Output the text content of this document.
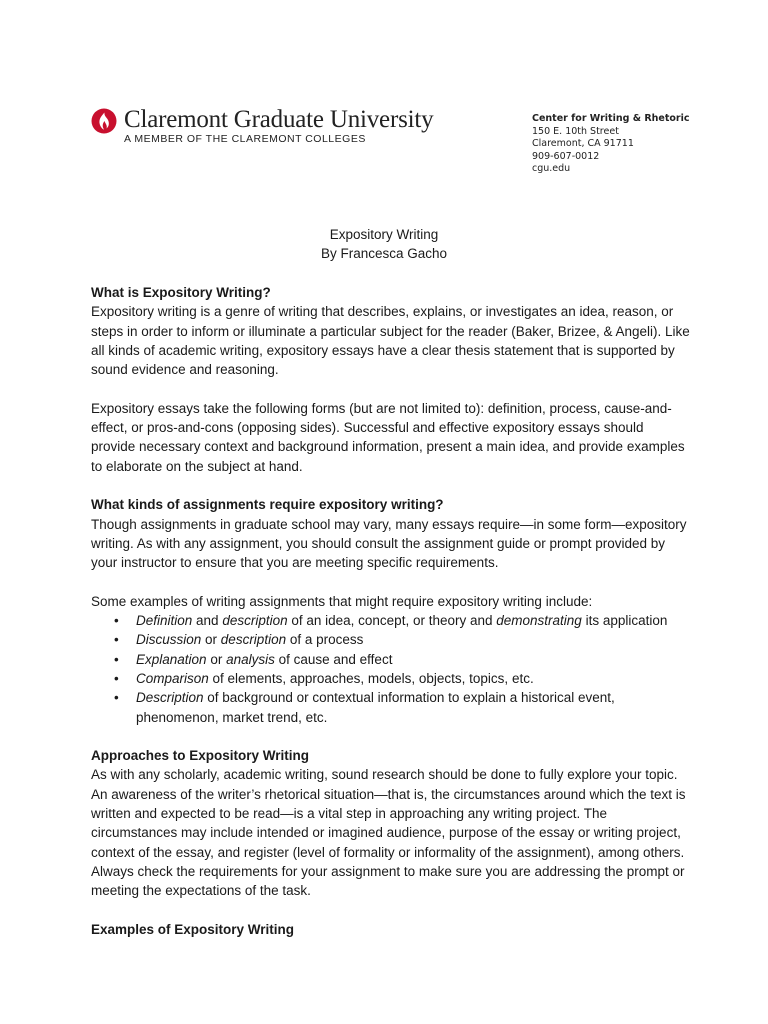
Claremont Graduate University
A MEMBER OF THE CLAREMONT COLLEGES
Center for Writing & Rhetoric
150 E. 10th Street
Claremont, CA 91711
909-607-0012
cgu.edu
Expository Writing
By Francesca Gacho
What is Expository Writing?

Expository writing is a genre of writing that describes, explains, or investigates an idea, reason, or steps in order to inform or illuminate a particular subject for the reader (Baker, Brizee, & Angeli). Like all kinds of academic writing, expository essays have a clear thesis statement that is supported by sound evidence and reasoning.

Expository essays take the following forms (but are not limited to): definition, process, cause-and-effect, or pros-and-cons (opposing sides). Successful and effective expository essays should provide necessary context and background information, present a main idea, and provide examples to elaborate on the subject at hand.

What kinds of assignments require expository writing?

Though assignments in graduate school may vary, many essays require—in some form—expository writing. As with any assignment, you should consult the assignment guide or prompt provided by your instructor to ensure that you are meeting specific requirements.

Some examples of writing assignments that might require expository writing include:

• Definition and description of an idea, concept, or theory and demonstrating its application
• Discussion or description of a process
• Explanation or analysis of cause and effect
• Comparison of elements, approaches, models, objects, topics, etc.
• Description of background or contextual information to explain a historical event, phenomenon, market trend, etc.
Approaches to Expository Writing

As with any scholarly, academic writing, sound research should be done to fully explore your topic. An awareness of the writer’s rhetorical situation—that is, the circumstances around which the text is written and expected to be read—is a vital step in approaching any writing project. The circumstances may include intended or imagined audience, purpose of the essay or writing project, context of the essay, and register (level of formality or informality of the assignment), among others. Always check the requirements for your assignment to make sure you are addressing the prompt or meeting the expectations of the task.

Examples of Expository Writing
